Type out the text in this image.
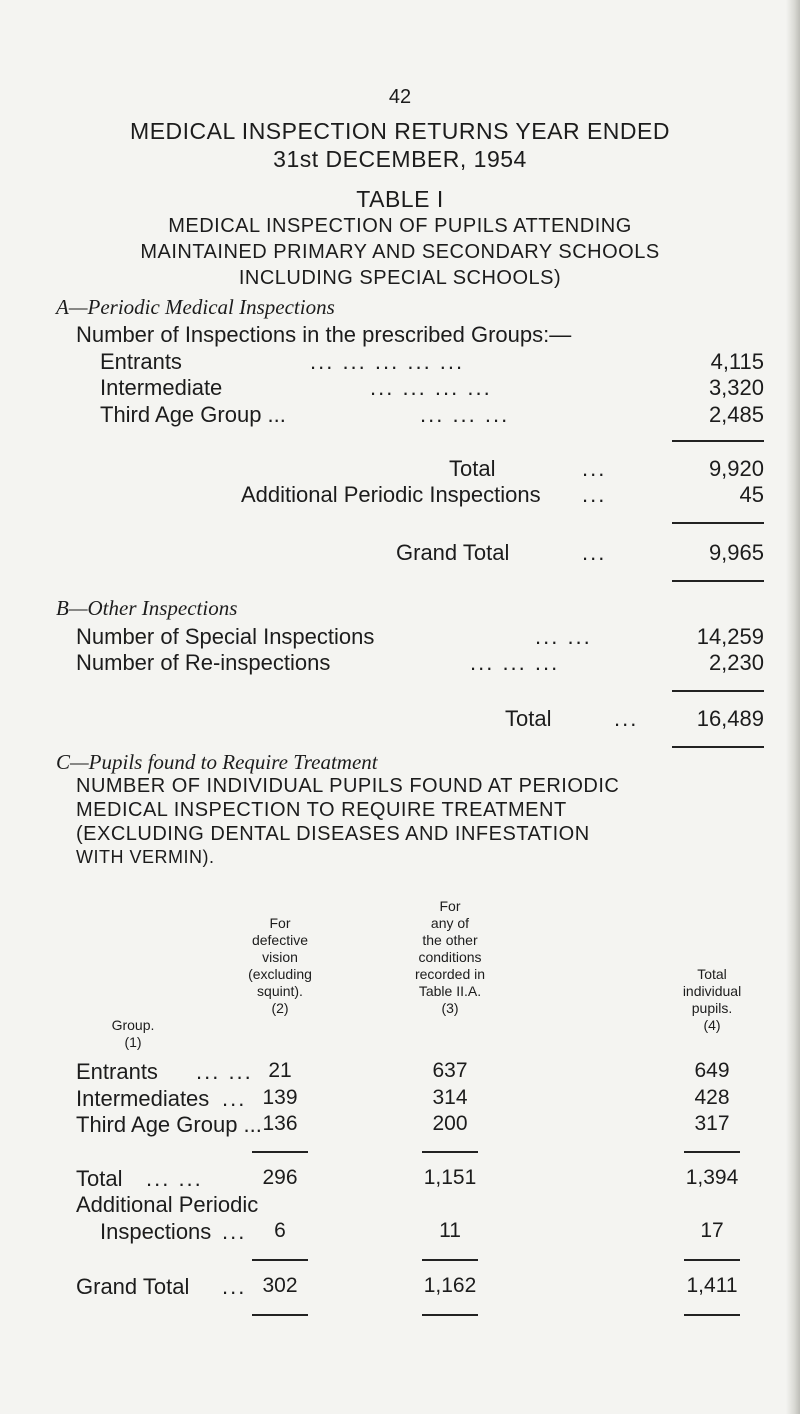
42
MEDICAL INSPECTION RETURNS YEAR ENDED
31st DECEMBER, 1954
TABLE I
MEDICAL INSPECTION OF PUPILS ATTENDING
MAINTAINED PRIMARY AND SECONDARY SCHOOLS
INCLUDING SPECIAL SCHOOLS)
A—Periodic Medical Inspections
Number of Inspections in the prescribed Groups:—
Entrants	... ... ... ... ...	4,115
Intermediate	... ... ... ...	3,320
Third Age Group ...	... ... ...	2,485
Total	...	9,920
Additional Periodic Inspections ...	45
Grand Total	...	9,965
B—Other Inspections
Number of Special Inspections	... ...	14,259
Number of Re-inspections	... ... ...	2,230
Total	...	16,489
C—Pupils found to Require Treatment
NUMBER OF INDIVIDUAL PUPILS FOUND AT PERIODIC
MEDICAL INSPECTION TO REQUIRE TREATMENT
(EXCLUDING DENTAL DISEASES AND INFESTATION
WITH VERMIN).
Group.
(1)
For
defective
vision
(excluding
squint).
(2)
For
any of
the other
conditions
recorded in
Table II.A.
(3)
Total
individual
pupils.
(4)
Entrants ... ... 21	637	649
Intermediates ... 139	314	428
Third Age Group ... 136	200	317
Total ... ...	296	1,151	1,394
Additional Periodic
Inspections ...	6	11	17
Grand Total ... 302	1,162	1,411
